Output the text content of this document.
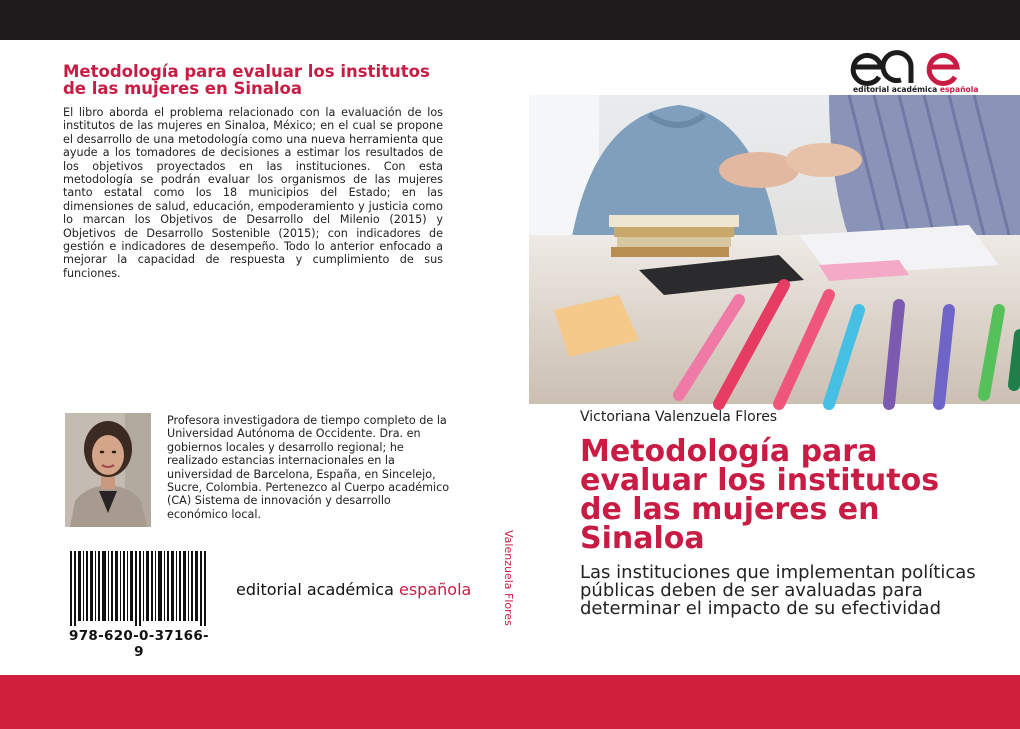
Metodología para evaluar los institutos de las mujeres en Sinaloa

El libro aborda el problema relacionado con la evaluación de los institutos de las mujeres en Sinaloa, México; en el cual se propone el desarrollo de una metodología como una nueva herramienta que ayude a los tomadores de decisiones a estimar los resultados de los objetivos proyectados en las instituciones. Con esta metodología se podrán evaluar los organismos de las mujeres tanto estatal como los 18 municipios del Estado; en las dimensiones de salud, educación, empoderamiento y justicia como lo marcan los Objetivos de Desarrollo del Milenio (2015) y Objetivos de Desarrollo Sostenible (2015); con indicadores de gestión e indicadores de desempeño. Todo lo anterior enfocado a mejorar la capacidad de respuesta y cumplimiento de sus funciones.

Profesora investigadora de tiempo completo de la Universidad Autónoma de Occidente. Dra. en gobiernos locales y desarrollo regional; he realizado estancias internacionales en la universidad de Barcelona, España, en Sincelejo, Sucre, Colombia. Pertenezco al Cuerpo académico (CA) Sistema de innovación y desarrollo económico local.

978-620-0-37166-9
editorial académica española	Valenzuela Flores
editorial académica española
Victoriana Valenzuela Flores
Metodología para evaluar los institutos de las mujeres en Sinaloa

Las instituciones que implementan políticas públicas deben de ser avaluadas para determinar el impacto de su efectividad
